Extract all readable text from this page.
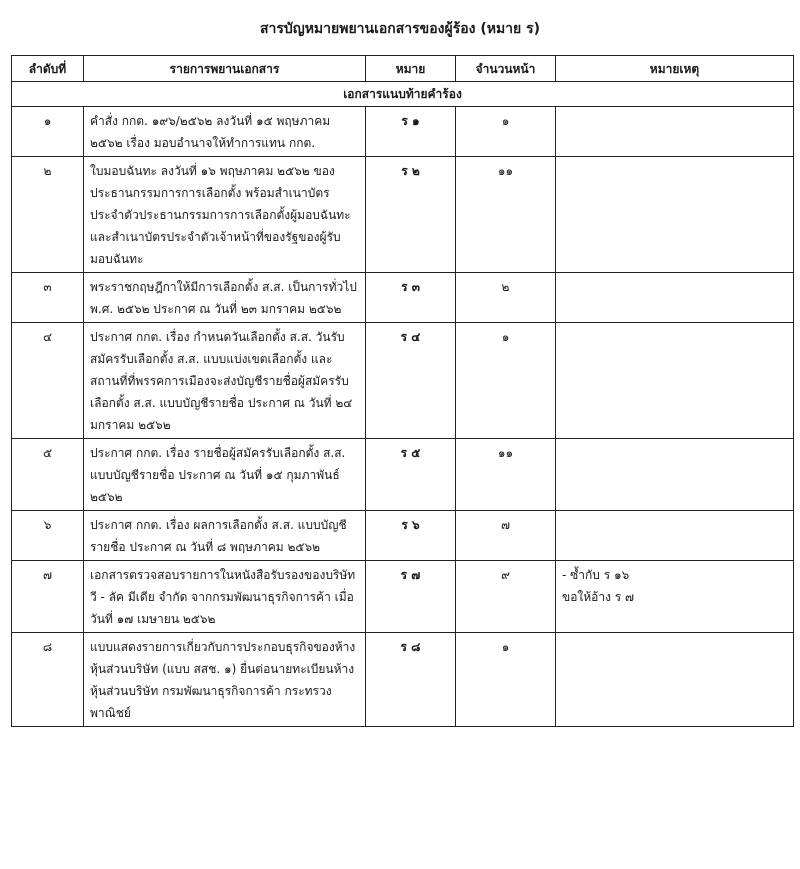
สารบัญหมายพยานเอกสารของผู้ร้อง (หมาย ร)
ลำดับที่	รายการพยานเอกสาร	หมาย	จำนวนหน้า	หมายเหตุ
เอกสารแนบท้ายคำร้อง				
๑	คำสั่ง กกต. ๑๙๖/๒๕๖๒ ลงวันที่ ๑๕ พฤษภาคม ๒๕๖๒ เรื่อง มอบอำนาจให้ทำการแทน กกต.	ร ๑	๑	
๒	ใบมอบฉันทะ ลงวันที่ ๑๖ พฤษภาคม ๒๕๖๒ ของประธานกรรมการการเลือกตั้ง พร้อมสำเนาบัตรประจำตัวประธานกรรมการการเลือกตั้งผู้มอบฉันทะ และสำเนาบัตรประจำตัวเจ้าหน้าที่ของรัฐของผู้รับมอบฉันทะ	ร ๒	๑๑	
๓	พระราชกฤษฎีกาให้มีการเลือกตั้ง ส.ส. เป็นการทั่วไป พ.ศ. ๒๕๖๒ ประกาศ ณ วันที่ ๒๓ มกราคม ๒๕๖๒	ร ๓	๒	
๔	ประกาศ กกต. เรื่อง กำหนดวันเลือกตั้ง ส.ส. วันรับสมัครรับเลือกตั้ง ส.ส. แบบแบ่งเขตเลือกตั้ง และสถานที่ที่พรรคการเมืองจะส่งบัญชีรายชื่อผู้สมัครรับเลือกตั้ง ส.ส. แบบบัญชีรายชื่อ ประกาศ ณ วันที่ ๒๔ มกราคม ๒๕๖๒	ร ๔	๑	
๕	ประกาศ กกต. เรื่อง รายชื่อผู้สมัครรับเลือกตั้ง ส.ส. แบบบัญชีรายชื่อ ประกาศ ณ วันที่ ๑๕ กุมภาพันธ์ ๒๕๖๒	ร ๕	๑๑	
๖	ประกาศ กกต. เรื่อง ผลการเลือกตั้ง ส.ส. แบบบัญชีรายชื่อ ประกาศ ณ วันที่ ๘ พฤษภาคม ๒๕๖๒	ร ๖	๗	
๗	เอกสารตรวจสอบรายการในหนังสือรับรองของบริษัท วี - ลัค มีเดีย จำกัด จากกรมพัฒนาธุรกิจการค้า เมื่อวันที่ ๑๗ เมษายน ๒๕๖๒	ร ๗	๙	- ซ้ำกับ ร ๑๖
ขอให้อ้าง ร ๗
๘	แบบแสดงรายการเกี่ยวกับการประกอบธุรกิจของห้างหุ้นส่วนบริษัท (แบบ สสช. ๑) ยื่นต่อนายทะเบียนห้างหุ้นส่วนบริษัท กรมพัฒนาธุรกิจการค้า กระทรวงพาณิชย์	ร ๘	๑	
